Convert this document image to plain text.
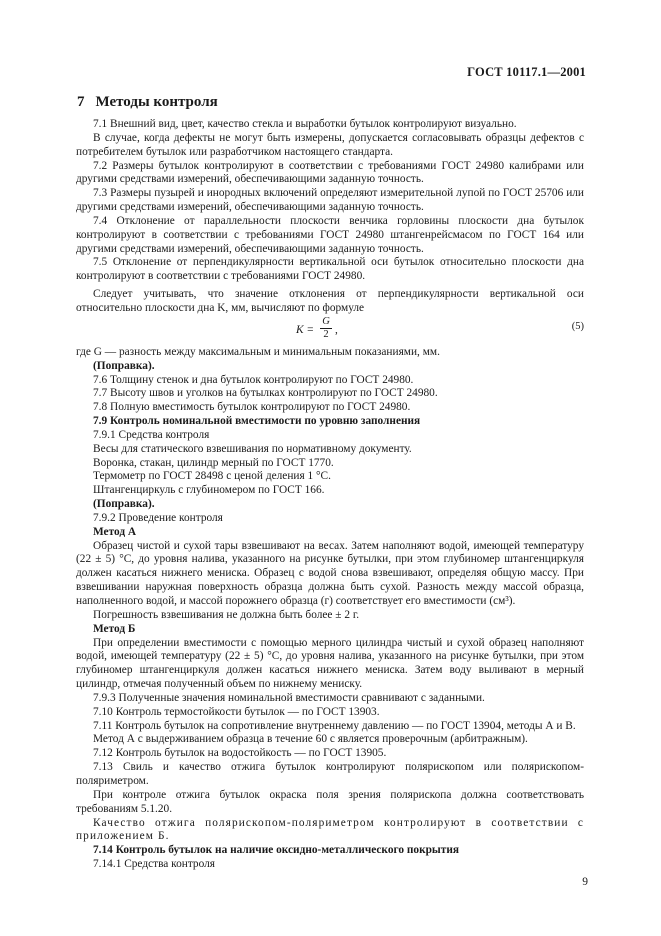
ГОСТ 10117.1—2001
7 Методы контроля

7.1 Внешний вид, цвет, качество стекла и выработки бутылок контролируют визуально.

В случае, когда дефекты не могут быть измерены, допускается согласовывать образцы дефектов с потребителем бутылок или разработчиком настоящего стандарта.

7.2 Размеры бутылок контролируют в соответствии с требованиями ГОСТ 24980 калибрами или другими средствами измерений, обеспечивающими заданную точность.

7.3 Размеры пузырей и инородных включений определяют измерительной лупой по ГОСТ 25706 или другими средствами измерений, обеспечивающими заданную точность.

7.4 Отклонение от параллельности плоскости венчика горловины плоскости дна бутылок контролируют в соответствии с требованиями ГОСТ 24980 штангенрейсмасом по ГОСТ 164 или другими средствами измерений, обеспечивающими заданную точность.

7.5 Отклонение от перпендикулярности вертикальной оси бутылок относительно плоскости дна контролируют в соответствии с требованиями ГОСТ 24980.

Следует учитывать, что значение отклонения от перпендикулярности вертикальной оси относительно плоскости дна K, мм, вычисляют по формуле

K =
G
2 ,	(5)

где G — разность между максимальным и минимальным показаниями, мм.

(Поправка).

7.6 Толщину стенок и дна бутылок контролируют по ГОСТ 24980.

7.7 Высоту швов и уголков на бутылках контролируют по ГОСТ 24980.

7.8 Полную вместимость бутылок контролируют по ГОСТ 24980.

7.9 Контроль номинальной вместимости по уровню заполнения

7.9.1 Средства контроля

Весы для статического взвешивания по нормативному документу.

Воронка, стакан, цилиндр мерный по ГОСТ 1770.

Термометр по ГОСТ 28498 с ценой деления 1 °С.

Штангенциркуль с глубиномером по ГОСТ 166.

(Поправка).

7.9.2 Проведение контроля

Метод А

Образец чистой и сухой тары взвешивают на весах. Затем наполняют водой, имеющей температуру (22 ± 5) °С, до уровня налива, указанного на рисунке бутылки, при этом глубиномер штангенциркуля должен касаться нижнего мениска. Образец с водой снова взвешивают, определяя общую массу. При взвешивании наружная поверхность образца должна быть сухой. Разность между массой образца, наполненного водой, и массой порожнего образца (г) соответствует его вместимости (см³).

Погрешность взвешивания не должна быть более ± 2 г.

Метод Б

При определении вместимости с помощью мерного цилиндра чистый и сухой образец наполняют водой, имеющей температуру (22 ± 5) °С, до уровня налива, указанного на рисунке бутылки, при этом глубиномер штангенциркуля должен касаться нижнего мениска. Затем воду выливают в мерный цилиндр, отмечая полученный объем по нижнему мениску.

7.9.3 Полученные значения номинальной вместимости сравнивают с заданными.

7.10 Контроль термостойкости бутылок — по ГОСТ 13903.

7.11 Контроль бутылок на сопротивление внутреннему давлению — по ГОСТ 13904, методы А и В.

Метод А с выдерживанием образца в течение 60 с является проверочным (арбитражным).

7.12 Контроль бутылок на водостойкость — по ГОСТ 13905.

7.13 Свиль и качество отжига бутылок контролируют полярископом или полярископом-поляриметром.

При контроле отжига бутылок окраска поля зрения полярископа должна соответствовать требованиям 5.1.20.

Качество отжига полярископом-поляриметром контролируют в соответствии с приложением Б.

7.14 Контроль бутылок на наличие оксидно-металлического покрытия

7.14.1 Средства контроля

9
